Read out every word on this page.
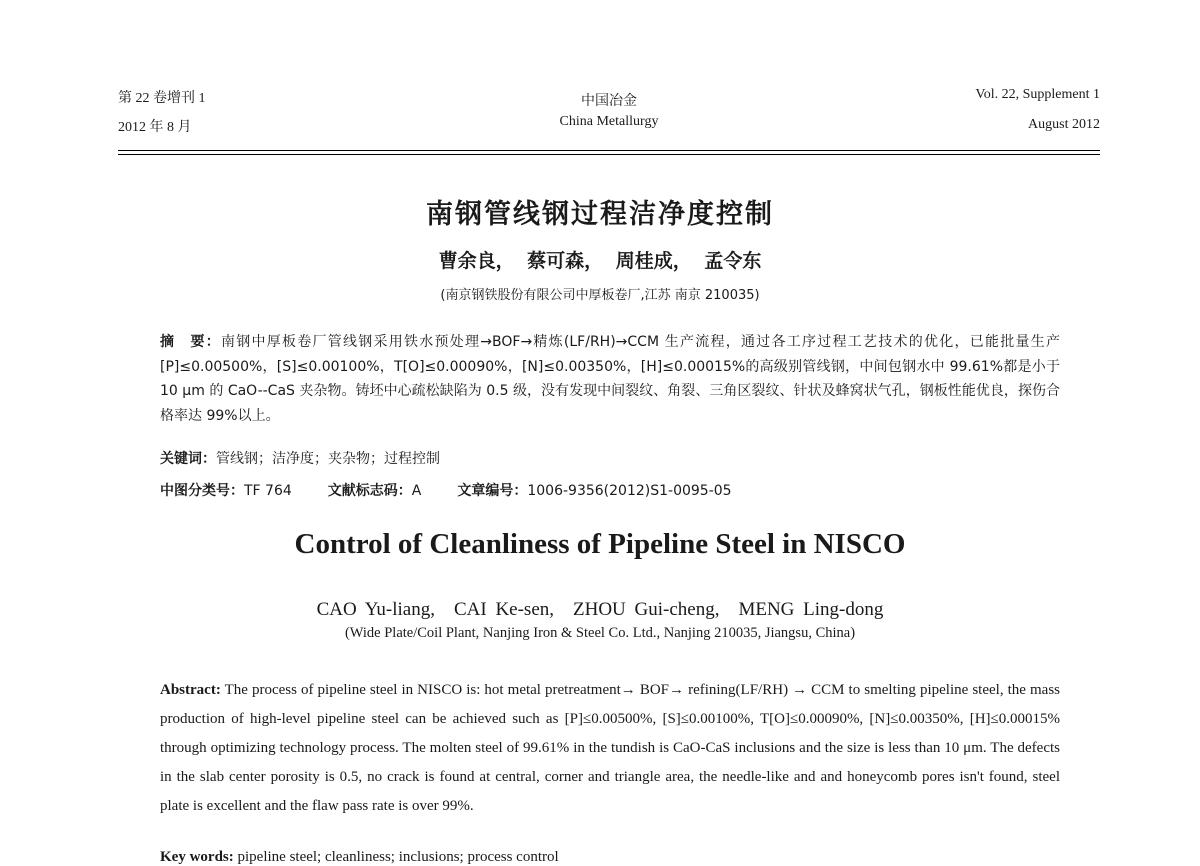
第 22 卷增刊 1
2012 年 8 月
中国冶金
China Metallurgy
Vol. 22, Supplement 1
August 2012
南钢管线钢过程洁净度控制
曹余良， 蔡可森， 周桂成， 孟令东
(南京钢铁股份有限公司中厚板卷厂,江苏 南京 210035)
摘　要：南钢中厚板卷厂管线钢采用铁水预处理→BOF→精炼(LF/RH)→CCM 生产流程，通过各工序过程工艺技术的优化，已能批量生产[P]≤0.00500%，[S]≤0.00100%，T[O]≤0.00090%，[N]≤0.00350%，[H]≤0.00015%的高级别管线钢，中间包钢水中 99.61%都是小于 10 μm 的 CaO--CaS 夹杂物。铸坯中心疏松缺陷为 0.5 级，没有发现中间裂纹、角裂、三角区裂纹、针状及蜂窝状气孔，钢板性能优良，探伤合格率达 99%以上。
关键词：管线钢；洁净度；夹杂物；过程控制
中图分类号：TF 764	文献标志码：A	文章编号：1006-9356(2012)S1-0095-05
Control of Cleanliness of Pipeline Steel in NISCO
CAO Yu-liang,　CAI Ke-sen,　ZHOU Gui-cheng,　MENG Ling-dong
(Wide Plate/Coil Plant, Nanjing Iron & Steel Co. Ltd., Nanjing 210035, Jiangsu, China)
Abstract: The process of pipeline steel in NISCO is: hot metal pretreatment→ BOF→ refining(LF/RH) → CCM to smelting pipeline steel, the mass production of high-level pipeline steel can be achieved such as [P]≤0.00500%, [S]≤0.00100%, T[O]≤0.00090%, [N]≤0.00350%, [H]≤0.00015% through optimizing technology process. The molten steel of 99.61% in the tundish is CaO-CaS inclusions and the size is less than 10 μm. The defects in the slab center porosity is 0.5, no crack is found at central, corner and triangle area, the needle-like and and honeycomb pores isn't found, steel plate is excellent and the flaw pass rate is over 99%.
Key words: pipeline steel; cleanliness; inclusions; process control
